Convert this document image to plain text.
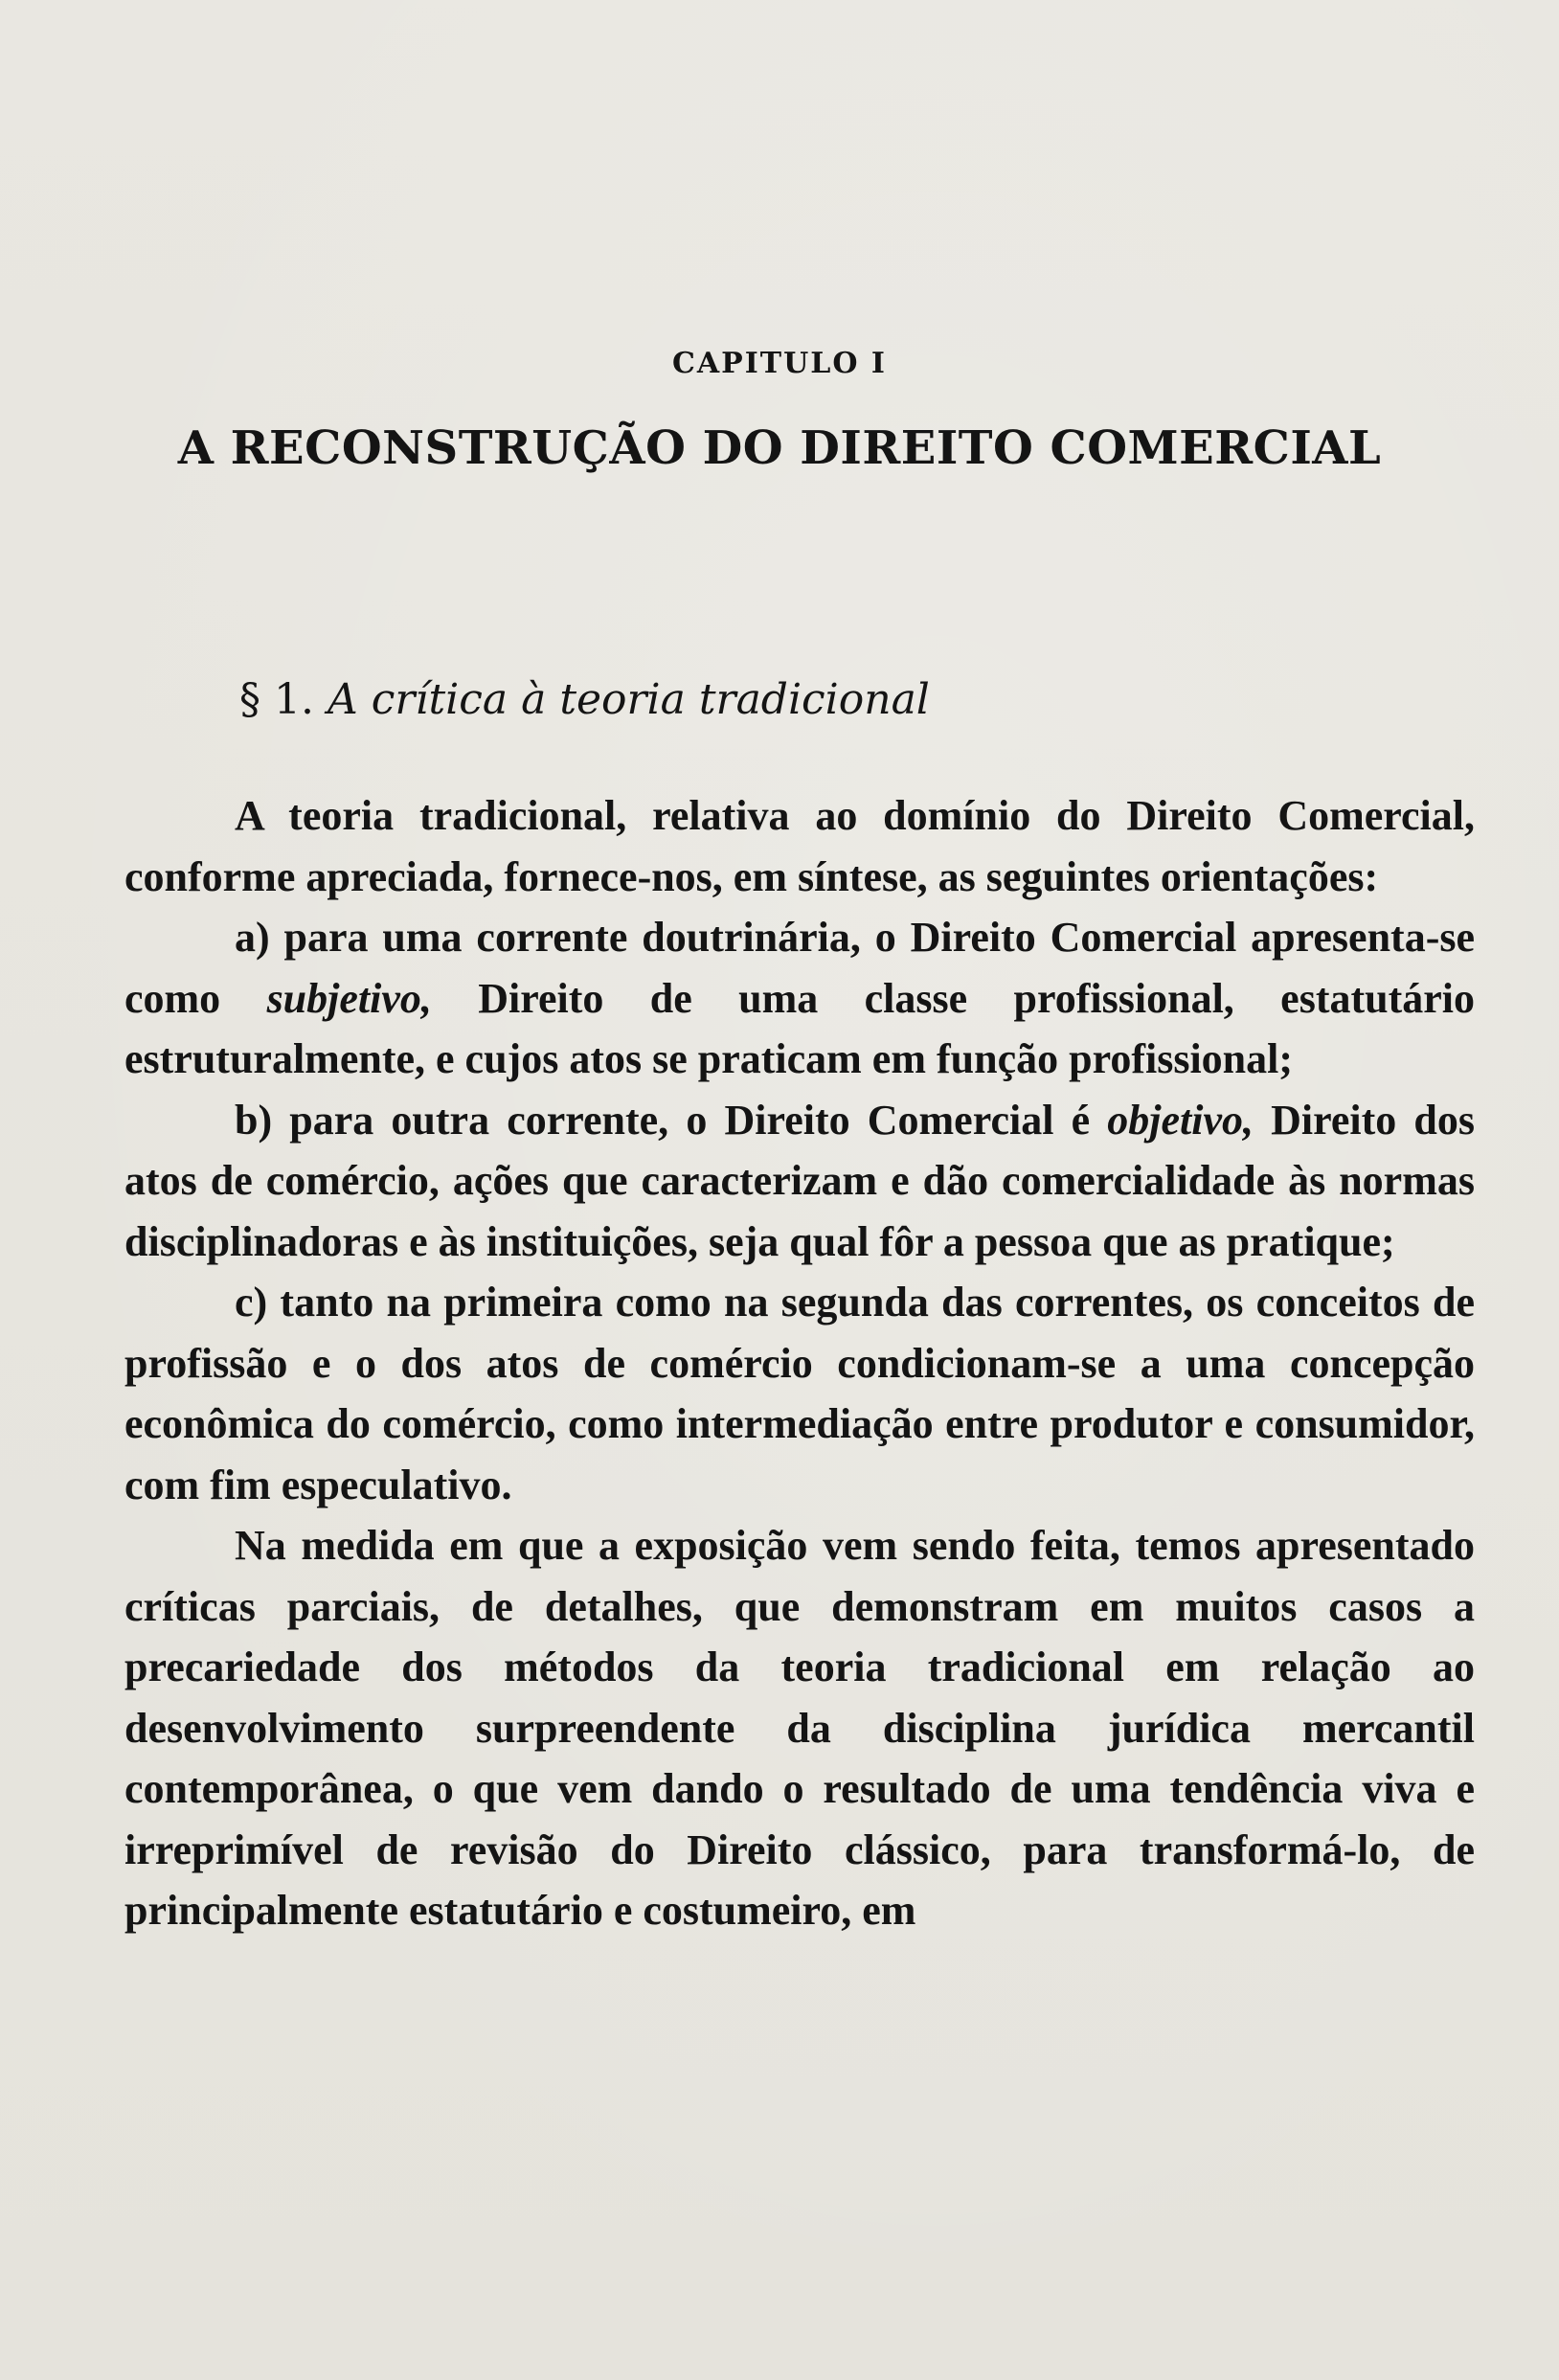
CAPITULO I
A RECONSTRUÇÃO DO DIREITO COMERCIAL
§ 1. A crítica à teoria tradicional

A teoria tradicional, relativa ao domínio do Direito Comercial, conforme apreciada, fornece-nos, em síntese, as seguintes orientações:

a) para uma corrente doutrinária, o Direito Comercial apresenta-se como subjetivo, Direito de uma classe profissional, estatutário estruturalmente, e cujos atos se praticam em função profissional;

b) para outra corrente, o Direito Comercial é objetivo, Direito dos atos de comércio, ações que caracterizam e dão comercialidade às normas disciplinadoras e às instituições, seja qual fôr a pessoa que as pratique;

c) tanto na primeira como na segunda das correntes, os conceitos de profissão e o dos atos de comércio condicionam-se a uma concepção econômica do comércio, como intermediação entre produtor e consumidor, com fim especulativo.

Na medida em que a exposição vem sendo feita, temos apresentado críticas parciais, de detalhes, que demonstram em muitos casos a precariedade dos métodos da teoria tradicional em relação ao desenvolvimento surpreendente da disciplina jurídica mercantil contemporânea, o que vem dando o resultado de uma tendência viva e irreprimível de revisão do Direito clássico, para transformá-lo, de principalmente estatutário e costumeiro, em
